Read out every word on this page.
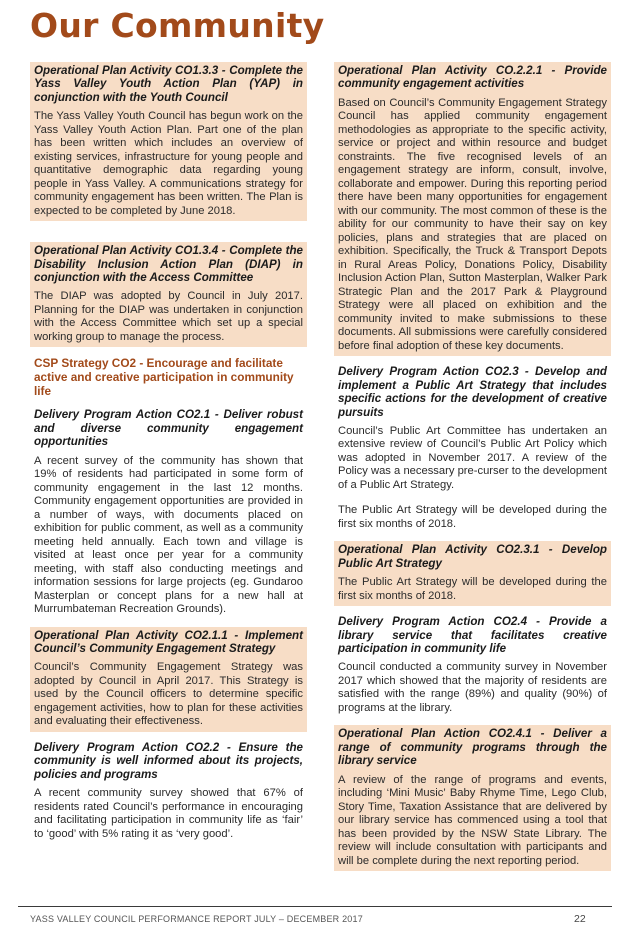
Our Community

Operational Plan Activity CO1.3.3 - Complete the Yass Valley Youth Action Plan (YAP) in conjunction with the Youth Council

The Yass Valley Youth Council has begun work on the Yass Valley Youth Action Plan. Part one of the plan has been written which includes an overview of existing services, infrastructure for young people and quantitative demographic data regarding young people in Yass Valley. A communications strategy for community engagement has been written. The Plan is expected to be completed by June 2018.

Operational Plan Activity CO1.3.4 - Complete the Disability Inclusion Action Plan (DIAP) in conjunction with the Access Committee

The DIAP was adopted by Council in July 2017. Planning for the DIAP was undertaken in conjunction with the Access Committee which set up a special working group to manage the process.

CSP Strategy CO2 - Encourage and facilitate active and creative participation in community life

Delivery Program Action CO2.1 - Deliver robust and diverse community engagement opportunities

A recent survey of the community has shown that 19% of residents had participated in some form of community engagement in the last 12 months. Community engagement opportunities are provided in a number of ways, with documents placed on exhibition for public comment, as well as a community meeting held annually. Each town and village is visited at least once per year for a community meeting, with staff also conducting meetings and information sessions for large projects (eg. Gundaroo Masterplan or concept plans for a new hall at Murrumbateman Recreation Grounds).

Operational Plan Activity CO2.1.1 - Implement Council’s Community Engagement Strategy

Council’s Community Engagement Strategy was adopted by Council in April 2017. This Strategy is used by the Council officers to determine specific engagement activities, how to plan for these activities and evaluating their effectiveness.

Delivery Program Action CO2.2 - Ensure the community is well informed about its projects, policies and programs

A recent community survey showed that 67% of residents rated Council’s performance in encouraging and facilitating participation in community life as ‘fair’ to ‘good’ with 5% rating it as ‘very good’.

Operational Plan Activity CO.2.2.1 - Provide community engagement activities

Based on Council’s Community Engagement Strategy Council has applied community engagement methodologies as appropriate to the specific activity, service or project and within resource and budget constraints. The five recognised levels of an engagement strategy are inform, consult, involve, collaborate and empower. During this reporting period there have been many opportunities for engagement with our community. The most common of these is the ability for our community to have their say on key policies, plans and strategies that are placed on exhibition. Specifically, the Truck & Transport Depots in Rural Areas Policy, Donations Policy, Disability Inclusion Action Plan, Sutton Masterplan, Walker Park Strategic Plan and the 2017 Park & Playground Strategy were all placed on exhibition and the community invited to make submissions to these documents. All submissions were carefully considered before final adoption of these key documents.

Delivery Program Action CO2.3 - Develop and implement a Public Art Strategy that includes specific actions for the development of creative pursuits

Council’s Public Art Committee has undertaken an extensive review of Council’s Public Art Policy which was adopted in November 2017. A review of the Policy was a necessary pre-curser to the development of a Public Art Strategy.

The Public Art Strategy will be developed during the first six months of 2018.

Operational Plan Activity CO2.3.1 - Develop Public Art Strategy

The Public Art Strategy will be developed during the first six months of 2018.

Delivery Program Action CO2.4 - Provide a library service that facilitates creative participation in community life

Council conducted a community survey in November 2017 which showed that the majority of residents are satisfied with the range (89%) and quality (90%) of programs at the library.

Operational Plan Action CO2.4.1 - Deliver a range of community programs through the library service

A review of the range of programs and events, including ‘Mini Music’ Baby Rhyme Time, Lego Club, Story Time, Taxation Assistance that are delivered by our library service has commenced using a tool that has been provided by the NSW State Library. The review will include consultation with participants and will be complete during the next reporting period.

YASS VALLEY COUNCIL PERFORMANCE REPORT JULY – DECEMBER 2017	22
